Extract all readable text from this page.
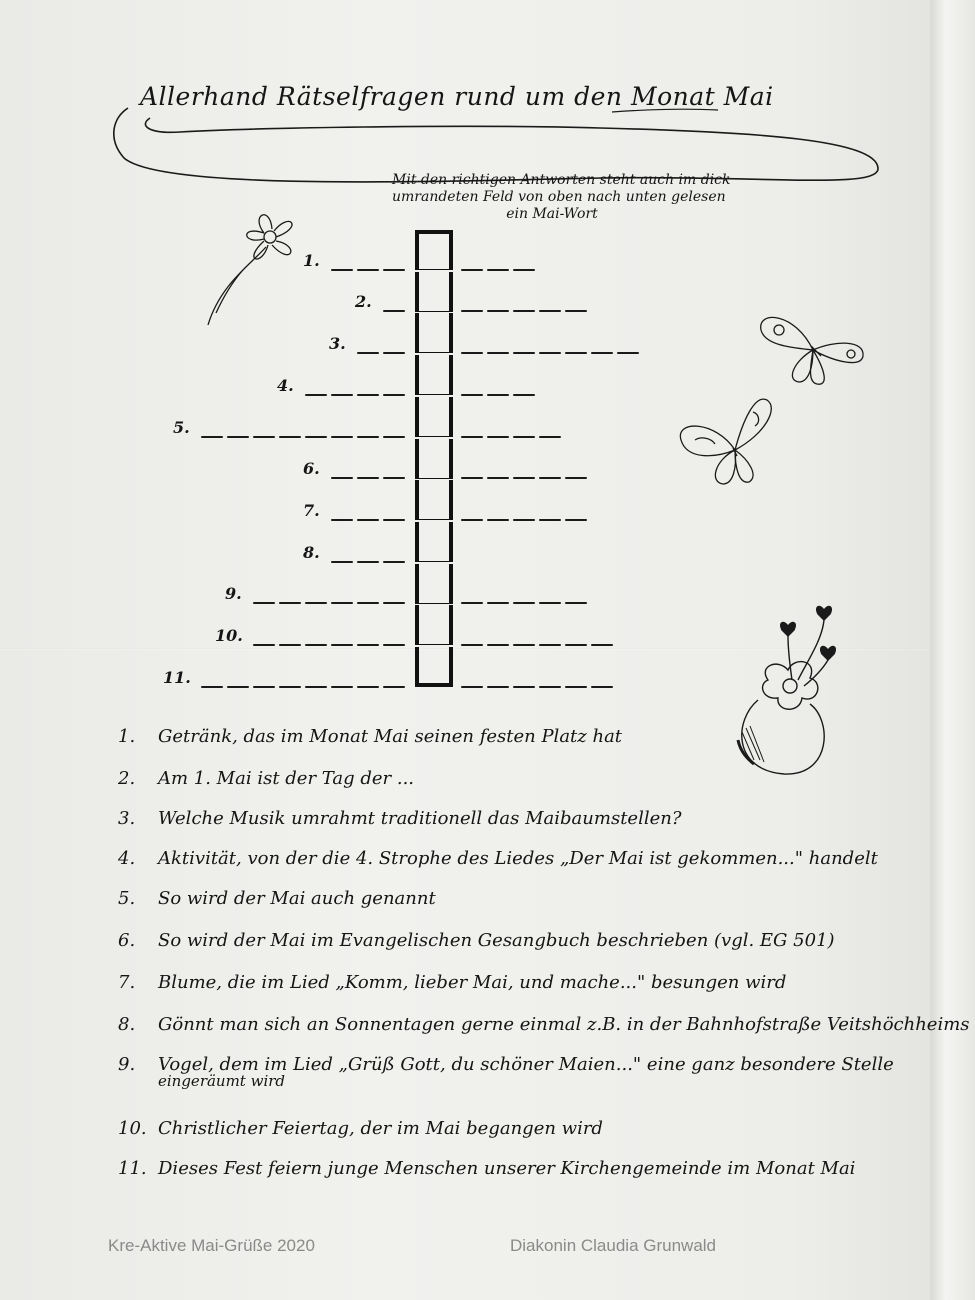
Allerhand Rätselfragen rund um den Monat Mai
Mit den richtigen Antworten steht auch im dick
umrandeten Feld von oben nach unten gelesen

ein Mai-Wort
1.
2.
3.
4.
5.
6.
7.
8.
9.
10.
11.
1. Getränk, das im Monat Mai seinen festen Platz hat
2. Am 1. Mai ist der Tag der ...
3. Welche Musik umrahmt traditionell das Maibaumstellen?
4. Aktivität, von der die 4. Strophe des Liedes „Der Mai ist gekommen..." handelt
5. So wird der Mai auch genannt
6. So wird der Mai im Evangelischen Gesangbuch beschrieben (vgl. EG 501)
7. Blume, die im Lied „Komm, lieber Mai, und mache..." besungen wird
8. Gönnt man sich an Sonnentagen gerne einmal z.B. in der Bahnhofstraße Veitshöchheims
9. Vogel, dem im Lied „Grüß Gott, du schöner Maien..." eine ganz besondere Stelle
10. Christlicher Feiertag, der im Mai begangen wird
11. Dieses Fest feiern junge Menschen unserer Kirchengemeinde im Monat Mai
eingeräumt wird
Kre-Aktive Mai-Grüße 2020	Diakonin Claudia Grunwald
